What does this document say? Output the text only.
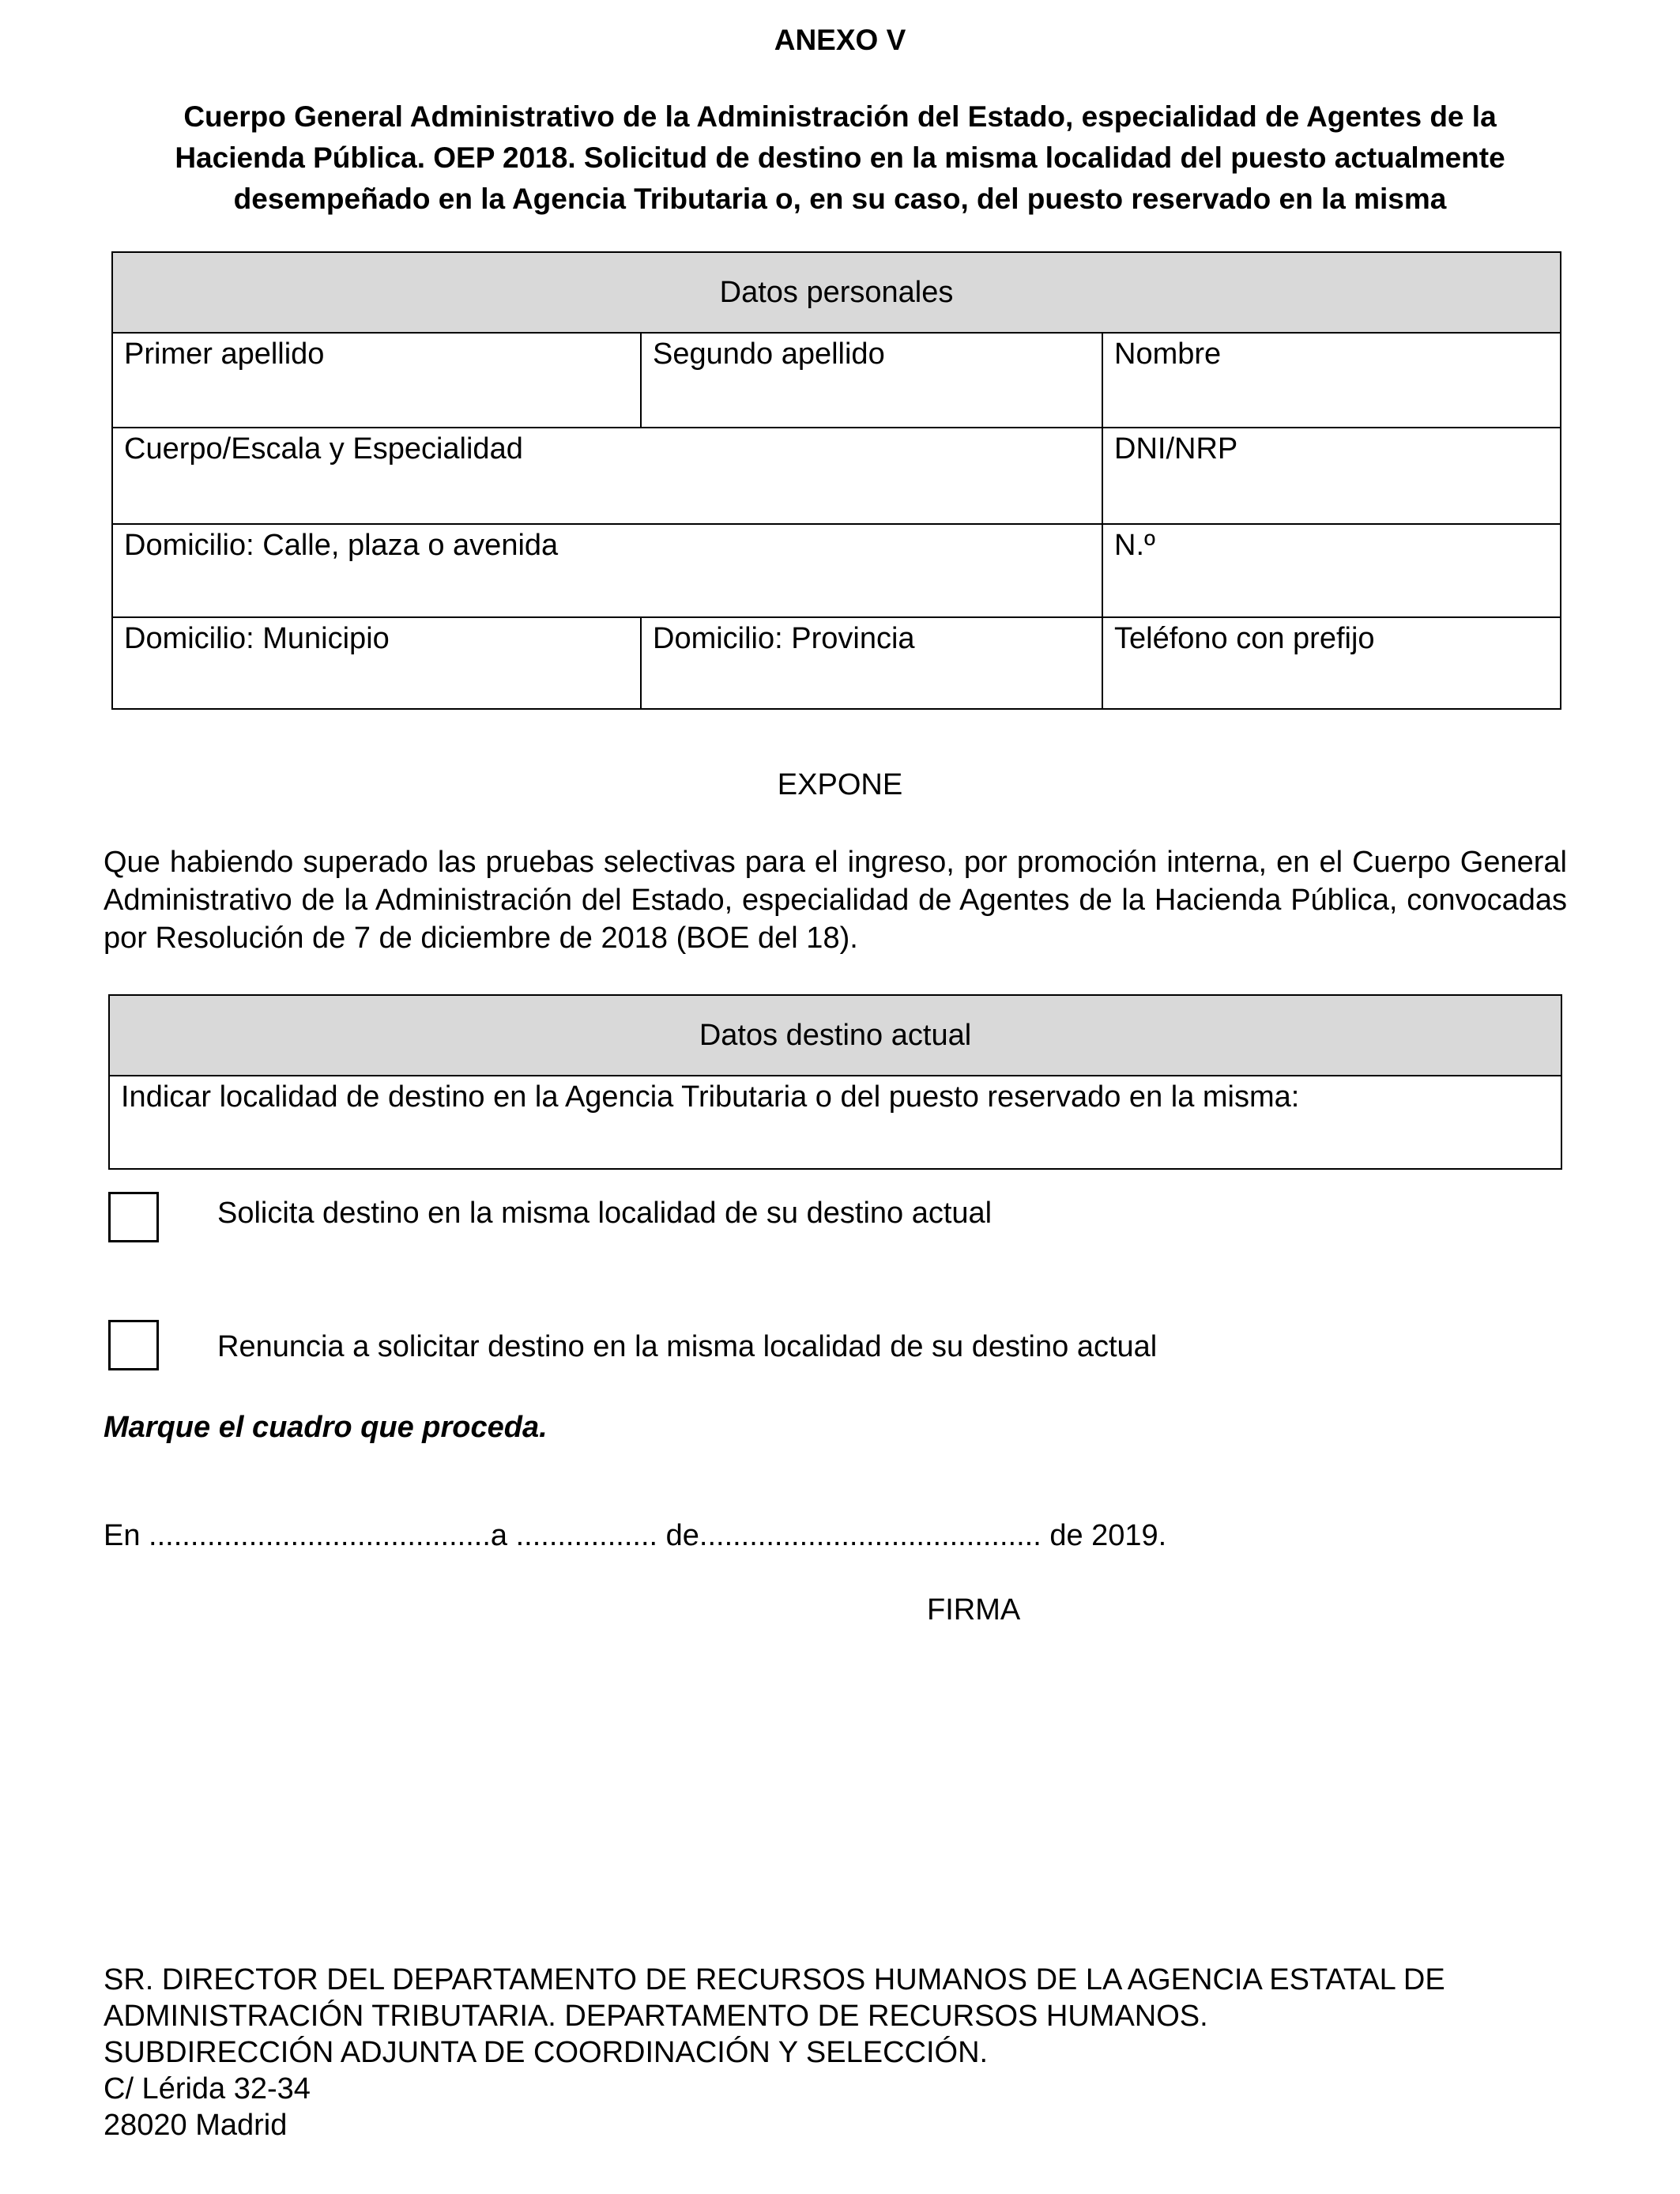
ANEXO V
Cuerpo General Administrativo de la Administración del Estado, especialidad de Agentes de la
Hacienda Pública. OEP 2018. Solicitud de destino en la misma localidad del puesto actualmente
desempeñado en la Agencia Tributaria o, en su caso, del puesto reservado en la misma
Datos personales		
Primer apellido	Segundo apellido	Nombre
Cuerpo/Escala y Especialidad		DNI/NRP
Domicilio: Calle, plaza o avenida		N.º
Domicilio: Municipio	Domicilio: Provincia	Teléfono con prefijo
EXPONE
Que habiendo superado las pruebas selectivas para el ingreso, por promoción interna, en el Cuerpo General Administrativo de la Administración del Estado, especialidad de Agentes de la Hacienda Pública, convocadas por Resolución de 7 de diciembre de 2018 (BOE del 18).
Datos destino actual
Indicar localidad de destino en la Agencia Tributaria o del puesto reservado en la misma:
Solicita destino en la misma localidad de su destino actual
Renuncia a solicitar destino en la misma localidad de su destino actual
Marque el cuadro que proceda.
En .........................................a ................. de......................................... de 2019.
FIRMA
SR. DIRECTOR DEL DEPARTAMENTO DE RECURSOS HUMANOS DE LA AGENCIA ESTATAL DE
ADMINISTRACIÓN TRIBUTARIA. DEPARTAMENTO DE RECURSOS HUMANOS.
SUBDIRECCIÓN ADJUNTA DE COORDINACIÓN Y SELECCIÓN.
C/ Lérida 32-34
28020 Madrid
